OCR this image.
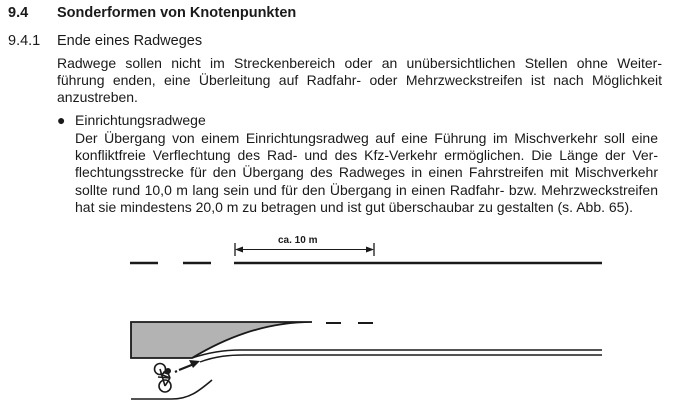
9.4 Sonderformen von Knotenpunkten
9.4.1 Ende eines Radweges
Radwege sollen nicht im Streckenbereich oder an unübersichtlichen Stellen ohne Weiter-
führung enden, eine Überleitung auf Radfahr- oder Mehrzweckstreifen ist nach Möglichkeit
anzustreben.
● Einrichtungsradwege
Der Übergang von einem Einrichtungsradweg auf eine Führung im Mischverkehr soll eine
konfliktfreie Verflechtung des Rad- und des Kfz-Verkehr ermöglichen. Die Länge der Ver-
flechtungsstrecke für den Übergang des Radweges in einen Fahrstreifen mit Mischverkehr
sollte rund 10,0 m lang sein und für den Übergang in einen Radfahr- bzw. Mehrzweckstreifen
hat sie mindestens 20,0 m zu betragen und ist gut überschaubar zu gestalten (s. Abb. 65).
ca. 10 m
